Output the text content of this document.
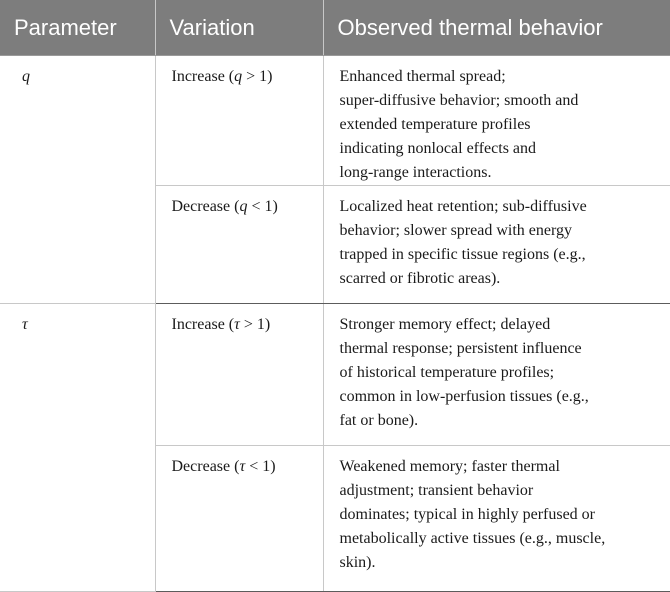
Parameter	Variation	Observed thermal behavior
q	Increase (q > 1)	Enhanced thermal spread;
super-diffusive behavior; smooth and
extended temperature profiles
indicating nonlocal effects and
long-range interactions.
	Decrease (q < 1)	Localized heat retention; sub-diffusive
behavior; slower spread with energy
trapped in specific tissue regions (e.g.,
scarred or fibrotic areas).
τ	Increase (τ > 1)	Stronger memory effect; delayed
thermal response; persistent influence
of historical temperature profiles;
common in low-perfusion tissues (e.g.,
fat or bone).
	Decrease (τ < 1)	Weakened memory; faster thermal
adjustment; transient behavior
dominates; typical in highly perfused or
metabolically active tissues (e.g., muscle,
skin).
